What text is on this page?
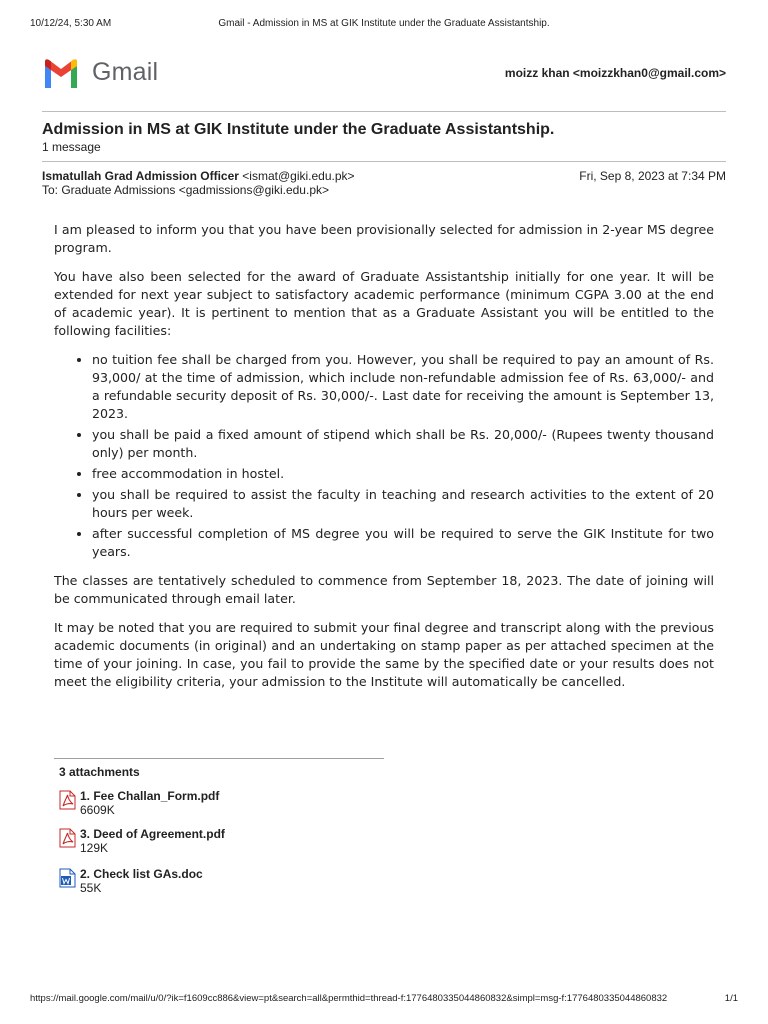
10/12/24, 5:30 AM	Gmail - Admission in MS at GIK Institute under the Graduate Assistantship.
Gmail	moizz khan <moizzkhan0@gmail.com>
Admission in MS at GIK Institute under the Graduate Assistantship.
1 message
Ismatullah Grad Admission Officer <ismat@giki.edu.pk>	Fri, Sep 8, 2023 at 7:34 PM
To: Graduate Admissions <gadmissions@giki.edu.pk>

I am pleased to inform you that you have been provisionally selected for admission in 2-year MS degree program.

You have also been selected for the award of Graduate Assistantship initially for one year. It will be extended for next year subject to satisfactory academic performance (minimum CGPA 3.00 at the end of academic year). It is pertinent to mention that as a Graduate Assistant you will be entitled to the following facilities:

• no tuition fee shall be charged from you. However, you shall be required to pay an amount of Rs. 93,000/ at the time of admission, which include non-refundable admission fee of Rs. 63,000/- and a refundable security deposit of Rs. 30,000/-. Last date for receiving the amount is September 13, 2023.
• you shall be paid a fixed amount of stipend which shall be Rs. 20,000/- (Rupees twenty thousand only) per month.
• free accommodation in hostel.
• you shall be required to assist the faculty in teaching and research activities to the extent of 20 hours per week.
• after successful completion of MS degree you will be required to serve the GIK Institute for two years.

The classes are tentatively scheduled to commence from September 18, 2023. The date of joining will be communicated through email later.

It may be noted that you are required to submit your final degree and transcript along with the previous academic documents (in original) and an undertaking on stamp paper as per attached specimen at the time of your joining. In case, you fail to provide the same by the specified date or your results does not meet the eligibility criteria, your admission to the Institute will automatically be cancelled.

3 attachments
1. Fee Challan_Form.pdf
6609K
3. Deed of Agreement.pdf
129K
2. Check list GAs.doc
55K
https://mail.google.com/mail/u/0/?ik=f1609cc886&view=pt&search=all&permthid=thread-f:1776480335044860832&simpl=msg-f:1776480335044860832	1/1
